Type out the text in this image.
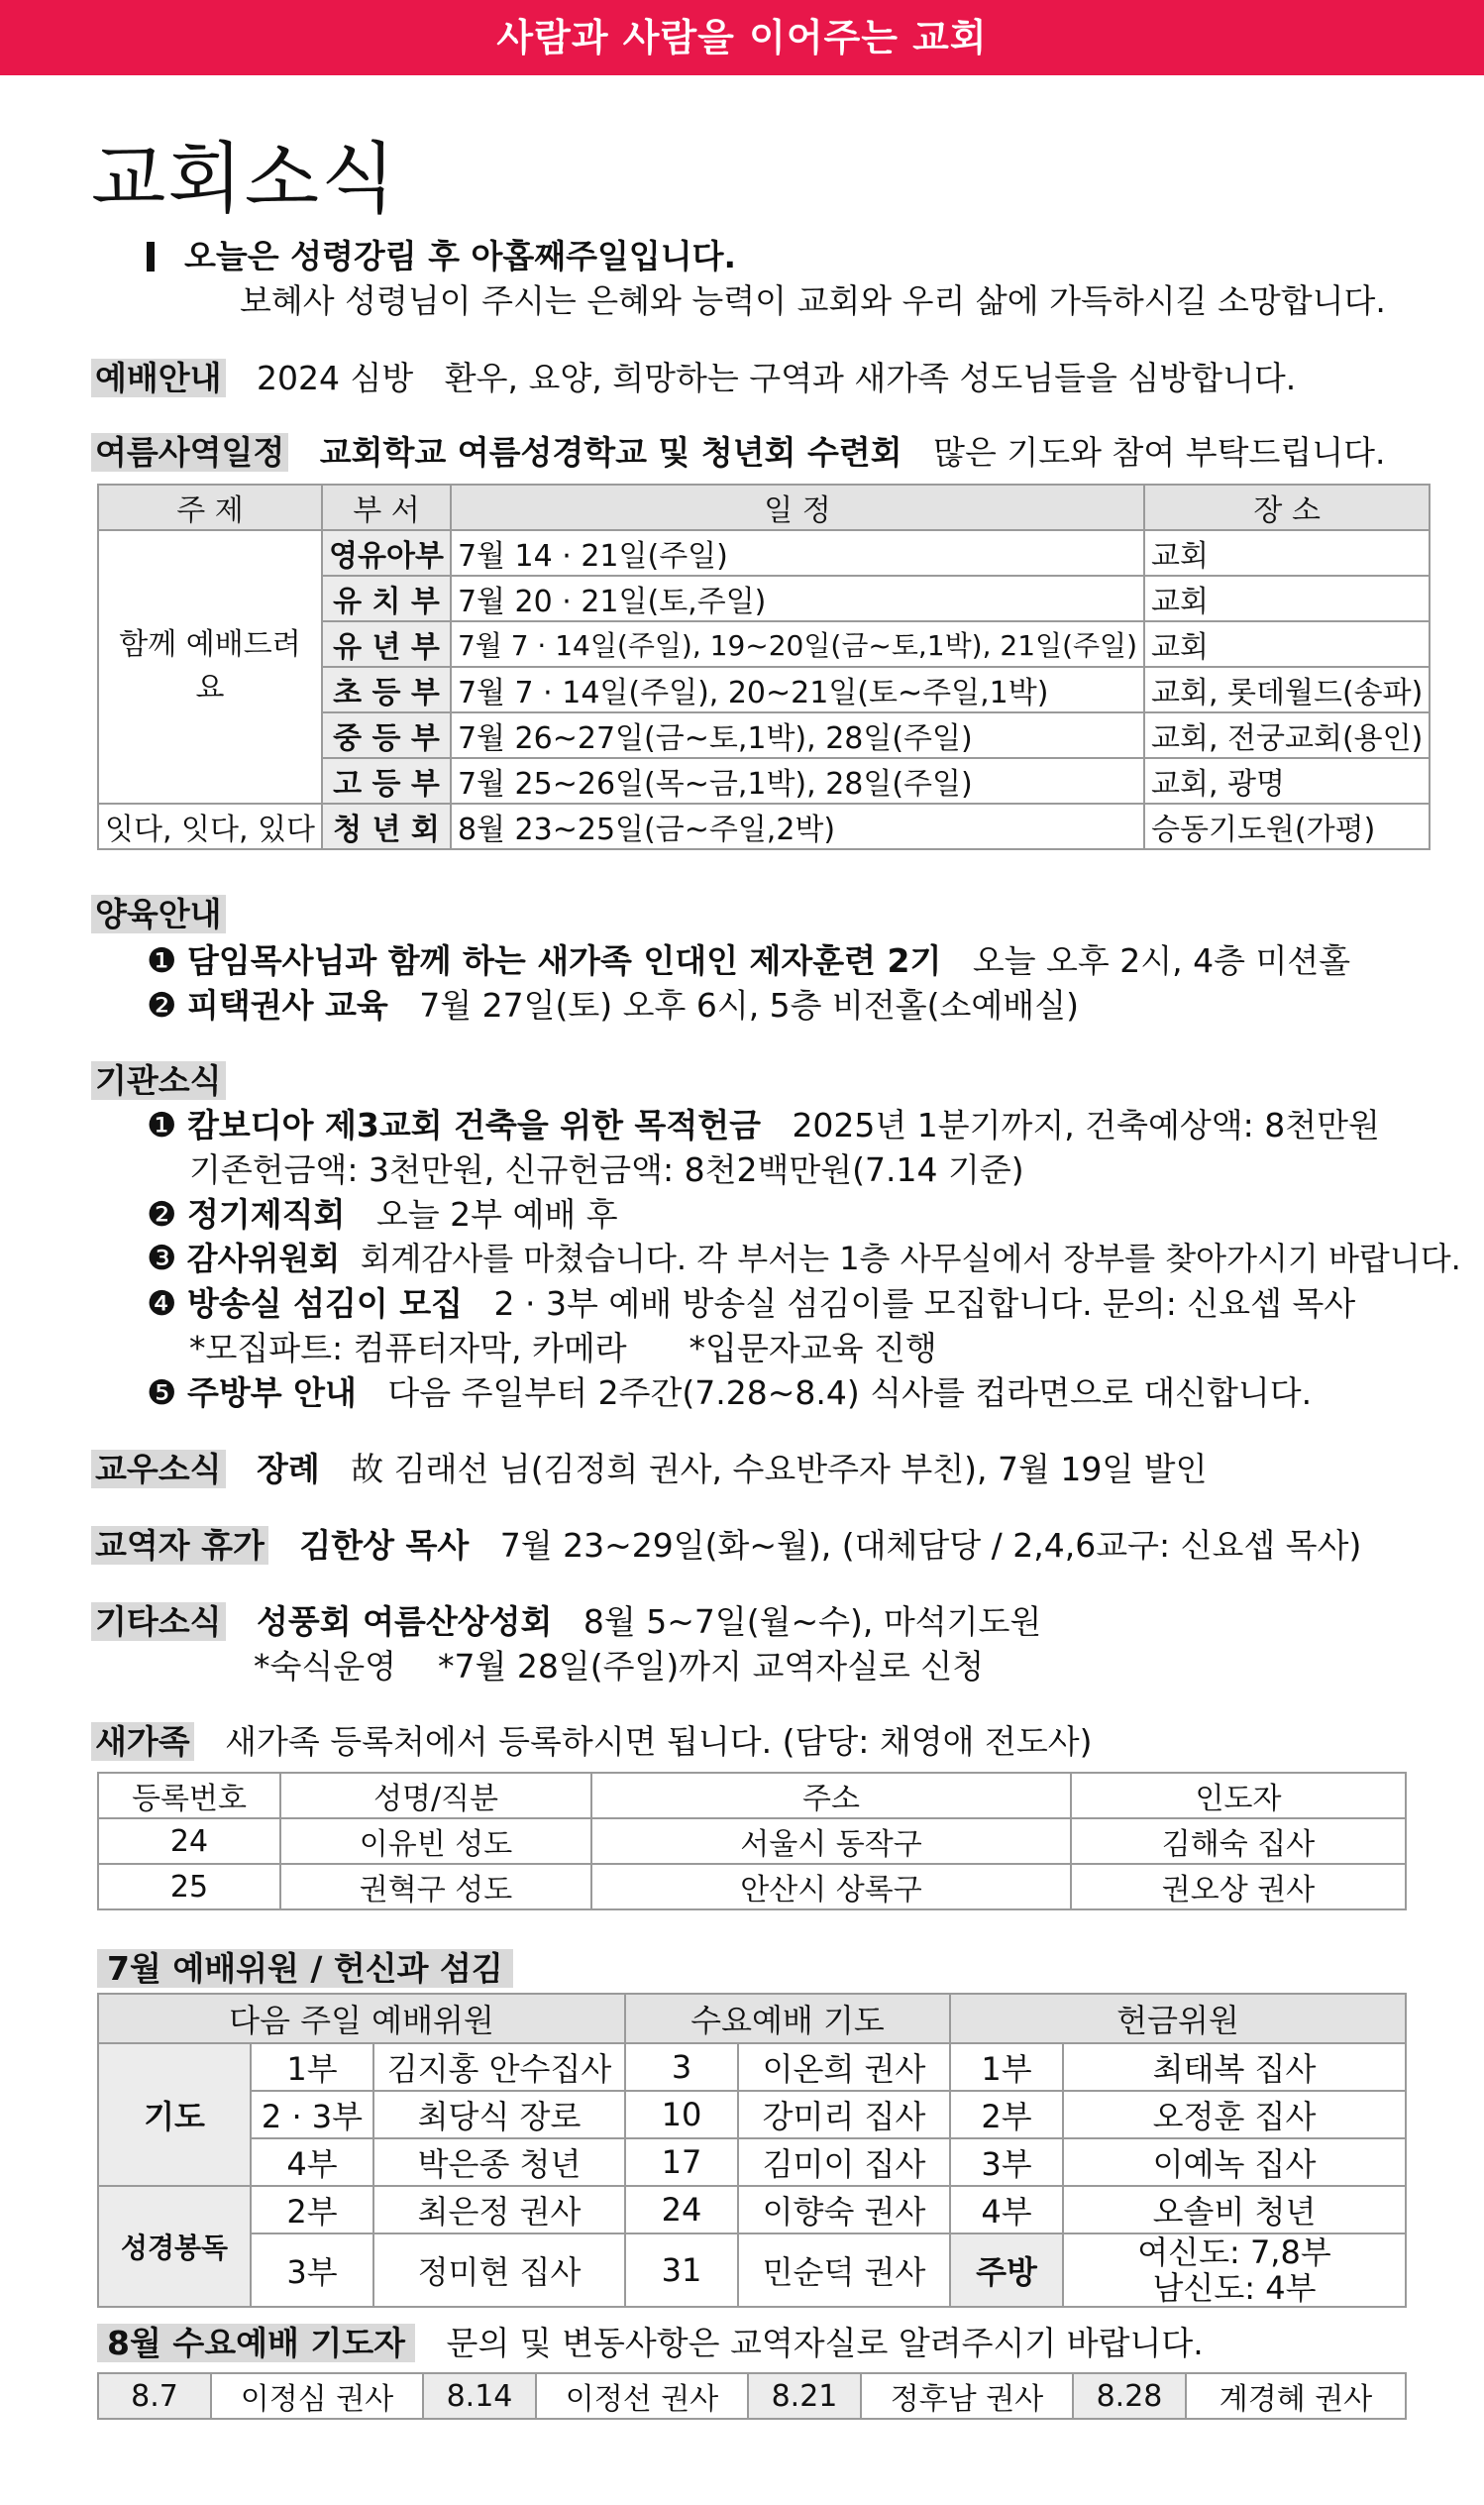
사람과 사람을 이어주는 교회
교회소식
오늘은 성령강림 후 아홉째주일입니다.
보혜사 성령님이 주시는 은혜와 능력이 교회와 우리 삶에 가득하시길 소망합니다.
예배안내 2024 심방 환우, 요양, 희망하는 구역과 새가족 성도님들을 심방합니다.
여름사역일정 교회학교 여름성경학교 및 청년회 수련회 많은 기도와 참여 부탁드립니다.
주 제	부 서	일 정	장 소
함께 예배드려요	영유아부	7월 14 · 21일(주일)	교회
	유 치 부	7월 20 · 21일(토,주일)	교회
	유 년 부	7월 7 · 14일(주일), 19~20일(금~토,1박), 21일(주일)	교회
	초 등 부	7월 7 · 14일(주일), 20~21일(토~주일,1박)	교회, 롯데월드(송파)
	중 등 부	7월 26~27일(금~토,1박), 28일(주일)	교회, 전궁교회(용인)
	고 등 부	7월 25~26일(목~금,1박), 28일(주일)	교회, 광명
잇다, 잇다, 있다	청 년 회	8월 23~25일(금~주일,2박)	승동기도원(가평)
양육안내
❶ 담임목사님과 함께 하는 새가족 인대인 제자훈련 2기 오늘 오후 2시, 4층 미션홀
❷ 피택권사 교육 7월 27일(토) 오후 6시, 5층 비전홀(소예배실)
기관소식
❶ 캄보디아 제3교회 건축을 위한 목적헌금 2025년 1분기까지, 건축예상액: 8천만원
기존헌금액: 3천만원, 신규헌금액: 8천2백만원(7.14 기준)
❷ 정기제직회 오늘 2부 예배 후
❸ 감사위원회 회계감사를 마쳤습니다. 각 부서는 1층 사무실에서 장부를 찾아가시기 바랍니다.
❹ 방송실 섬김이 모집 2 · 3부 예배 방송실 섬김이를 모집합니다. 문의: 신요셉 목사
*모집파트: 컴퓨터자막, 카메라      *입문자교육 진행
❺ 주방부 안내 다음 주일부터 2주간(7.28~8.4) 식사를 컵라면으로 대신합니다.
교우소식 장례 故 김래선 님(김정희 권사, 수요반주자 부친), 7월 19일 발인
교역자 휴가 김한상 목사 7월 23~29일(화~월), (대체담당 / 2,4,6교구: 신요셉 목사)
기타소식 성풍회 여름산상성회 8월 5~7일(월~수), 마석기도원
*숙식운영    *7월 28일(주일)까지 교역자실로 신청
새가족 새가족 등록처에서 등록하시면 됩니다. (담당: 채영애 전도사)
등록번호	성명/직분	주소	인도자
24	이유빈 성도	서울시 동작구	김해숙 집사
25	권혁구 성도	안산시 상록구	권오상 권사
7월 예배위원 / 헌신과 섬김
다음 주일 예배위원			수요예배 기도		헌금위원	
기도	1부	김지홍 안수집사	3	이온희 권사	1부	최태복 집사
	2 · 3부	최당식 장로	10	강미리 집사	2부	오정훈 집사
	4부	박은종 청년	17	김미이 집사	3부	이예녹 집사
성경봉독	2부	최은정 권사	24	이향숙 권사	4부	오솔비 청년
	3부	정미현 집사	31	민순덕 권사	주방	여신도: 7,8부
남신도: 4부
8월 수요예배 기도자 문의 및 변동사항은 교역자실로 알려주시기 바랍니다.
8.7	이정심 권사	8.14	이정선 권사	8.21	정후남 권사	8.28	계경혜 권사
